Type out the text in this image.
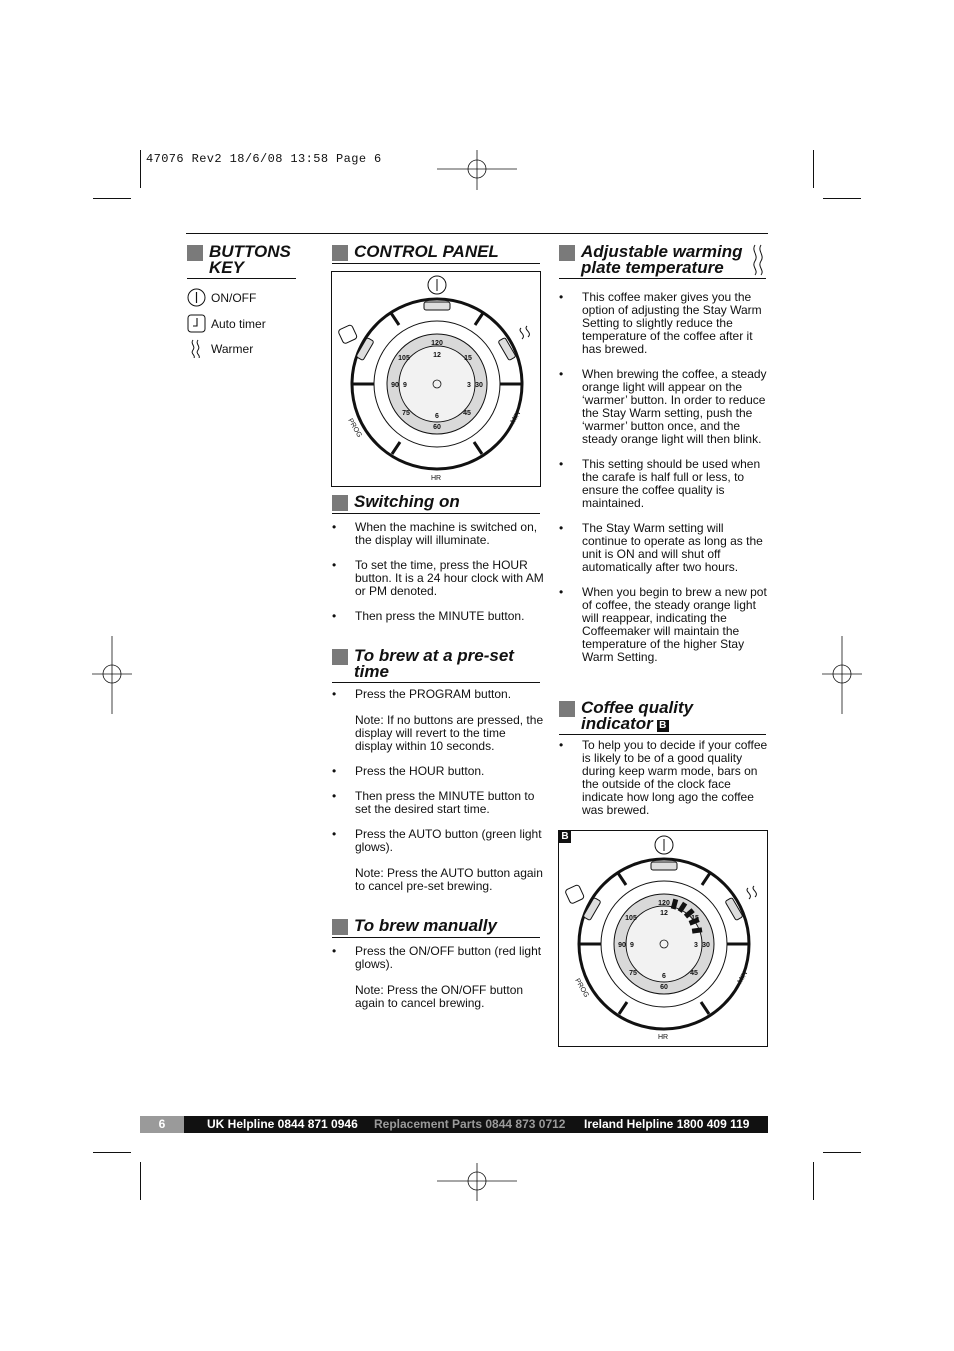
47076 Rev2 18/6/08 13:58 Page 6
BUTTONS
KEY
ON/OFF
Auto timer
Warmer
CONTROL PANEL
120
12	15
105
9	3 30
90
75	6	45
60
PROG	MIN
HR
Switching on
• When the machine is switched on, the display will illuminate.
• To set the time, press the HOUR button. It is a 24 hour clock with AM or PM denoted.
• Then press the MINUTE button.
To brew at a pre-set
time
• Press the PROGRAM button.
Note: If no buttons are pressed, the display will revert to the time display within 10 seconds.
• Press the HOUR button.
• Then press the MINUTE button to set the desired start time.
• Press the AUTO button (green light glows).
Note: Press the AUTO button again to cancel pre-set brewing.
To brew manually
• Press the ON/OFF button (red light glows).
Note: Press the ON/OFF button again to cancel brewing.
Adjustable warming
plate temperature
• This coffee maker gives you the option of adjusting the Stay Warm Setting to slightly reduce the temperature of the coffee after it has brewed.
• When brewing the coffee, a steady orange light will appear on the ‘warmer’ button. In order to reduce the Stay Warm setting, push the ‘warmer’ button once, and the steady orange light will then blink.
• This setting should be used when the carafe is half full or less, to ensure the coffee quality is maintained.
• The Stay Warm setting will continue to operate as long as the unit is ON and will shut off automatically after two hours.
• When you begin to brew a new pot of coffee, the steady orange light will reappear, indicating the Coffeemaker will maintain the temperature of the higher Stay Warm Setting.
Coffee quality
indicator B
• To help you to decide if your coffee is likely to be of a good quality during keep warm mode, bars on the outside of the clock face indicate how long ago the coffee was brewed.
B
120
12
15
105
9	3 30
90
75	6	45
60
PROG	MIN
HR
6	UK Helpline 0844 871 0946 Replacement Parts 0844 873 0712 Ireland Helpline 1800 409 119
